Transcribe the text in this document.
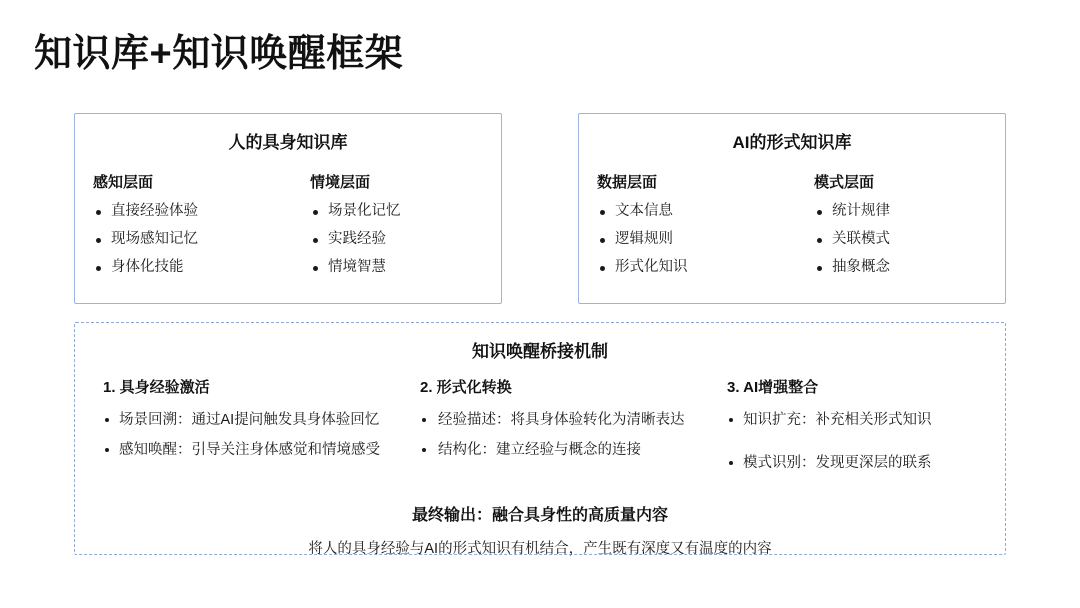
知识库+知识唤醒框架
人的具身知识库
感知层面
直接经验体验
现场感知记忆
身体化技能
情境层面
场景化记忆
实践经验
情境智慧
AI的形式知识库
数据层面
文本信息
逻辑规则
形式化知识
模式层面
统计规律
关联模式
抽象概念
知识唤醒桥接机制
1. 具身经验激活
场景回溯：通过AI提问触发具身体验回忆
感知唤醒：引导关注身体感觉和情境感受
2. 形式化转换
经验描述：将具身体验转化为清晰表达
结构化：建立经验与概念的连接
3. AI增强整合
知识扩充：补充相关形式知识
模式识别：发现更深层的联系
最终输出：融合具身性的高质量内容
将人的具身经验与AI的形式知识有机结合，产生既有深度又有温度的内容
